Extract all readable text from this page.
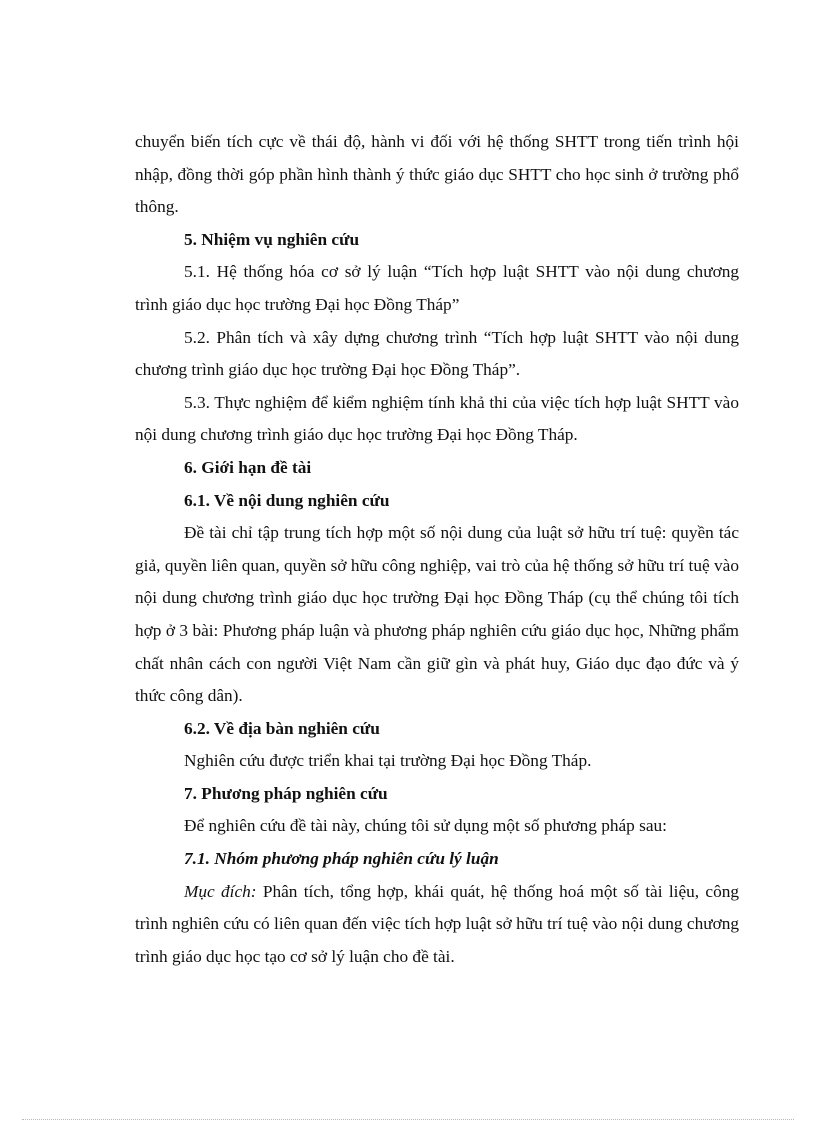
chuyển biến tích cực về thái độ, hành vi đối với hệ thống SHTT trong tiến trình hội nhập, đồng thời góp phần hình thành ý thức giáo dục SHTT cho học sinh ở trường phổ thông.

5. Nhiệm vụ nghiên cứu

5.1. Hệ thống hóa cơ sở lý luận “Tích hợp luật SHTT vào nội dung chương trình giáo dục học trường Đại học Đồng Tháp”

5.2. Phân tích và xây dựng chương trình “Tích hợp luật SHTT vào nội dung chương trình giáo dục học trường Đại học Đồng Tháp”.

5.3. Thực nghiệm để kiểm nghiệm tính khả thi của việc tích hợp luật SHTT vào nội dung chương trình giáo dục học trường Đại học Đồng Tháp.

6. Giới hạn đề tài

6.1. Về nội dung nghiên cứu

Đề tài chỉ tập trung tích hợp một số nội dung của luật sở hữu trí tuệ: quyền tác giả, quyền liên quan, quyền sở hữu công nghiệp, vai trò của hệ thống sở hữu trí tuệ vào nội dung chương trình giáo dục học trường Đại học Đồng Tháp (cụ thể chúng tôi tích hợp ở 3 bài: Phương pháp luận và phương pháp nghiên cứu giáo dục học, Những phẩm chất nhân cách con người Việt Nam cần giữ gìn và phát huy, Giáo dục đạo đức và ý thức công dân).

6.2. Về địa bàn nghiên cứu

Nghiên cứu được triển khai tại trường Đại học Đồng Tháp.

7. Phương pháp nghiên cứu

Để nghiên cứu đề tài này, chúng tôi sử dụng một số phương pháp sau:

7.1. Nhóm phương pháp nghiên cứu lý luận

Mục đích: Phân tích, tổng hợp, khái quát, hệ thống hoá một số tài liệu, công trình nghiên cứu có liên quan đến việc tích hợp luật sở hữu trí tuệ vào nội dung chương trình giáo dục học tạo cơ sở lý luận cho đề tài.
